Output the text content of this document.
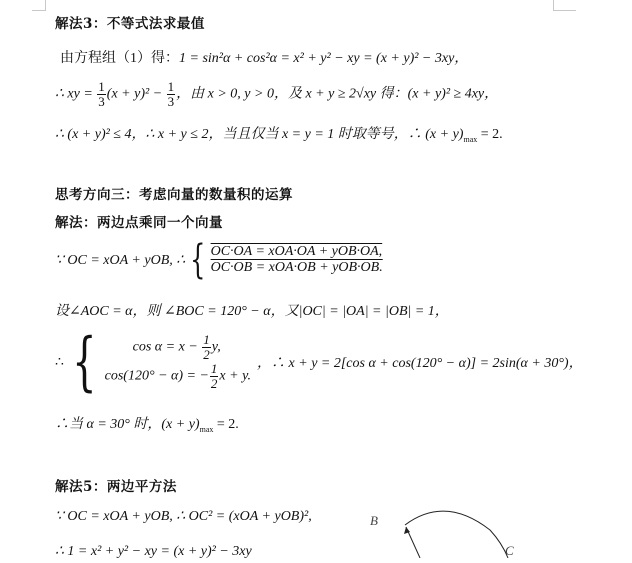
解法3：不等式法求最值
由方程组（1）得：1 = sin²α + cos²α = x² + y² − xy = (x + y)² − 3xy，
∴ xy = $\frac{1}{3} (x + y)^2 - \frac{1}{3}$ ，由 x > 0, y > 0，及 x + y ≥ 2√xy 得：(x + y)² ≥ 4xy，
∴ (x + y)² ≤ 4，∴ x + y ≤ 2，当且仅当 x = y = 1 时取等号，∴ $(x + y)_{max} = 2$.
思考方向三：考虑向量的数量积的运算
解法：两边点乘同一个向量
∵ OC = xOA + yOB, ∴ { OC·OA = xOA·OA + yOB·OA,
OC·OB = xOA·OB + yOB·OB.
设∠AOC = α，则 ∠BOC = 120° − α，又|OC| = |OA| = |OB| = 1，
∴ {	$\cos \alpha = x - \frac{1}{2} y$,
cos(120° − α) = − $\frac{1}{2}$ x + y.
，∴ x + y = 2[cos α + cos(120° − α)] = 2sin(α + 30°)，
∴当 α = 30° 时，$(x + y)_{max} = 2$.
解法5：两边平方法
∵ OC = xOA + yOB, ∴ OC² = (xOA + yOB)²,
∴ 1 = x² + y² − xy = (x + y)² − 3xy
B
C
